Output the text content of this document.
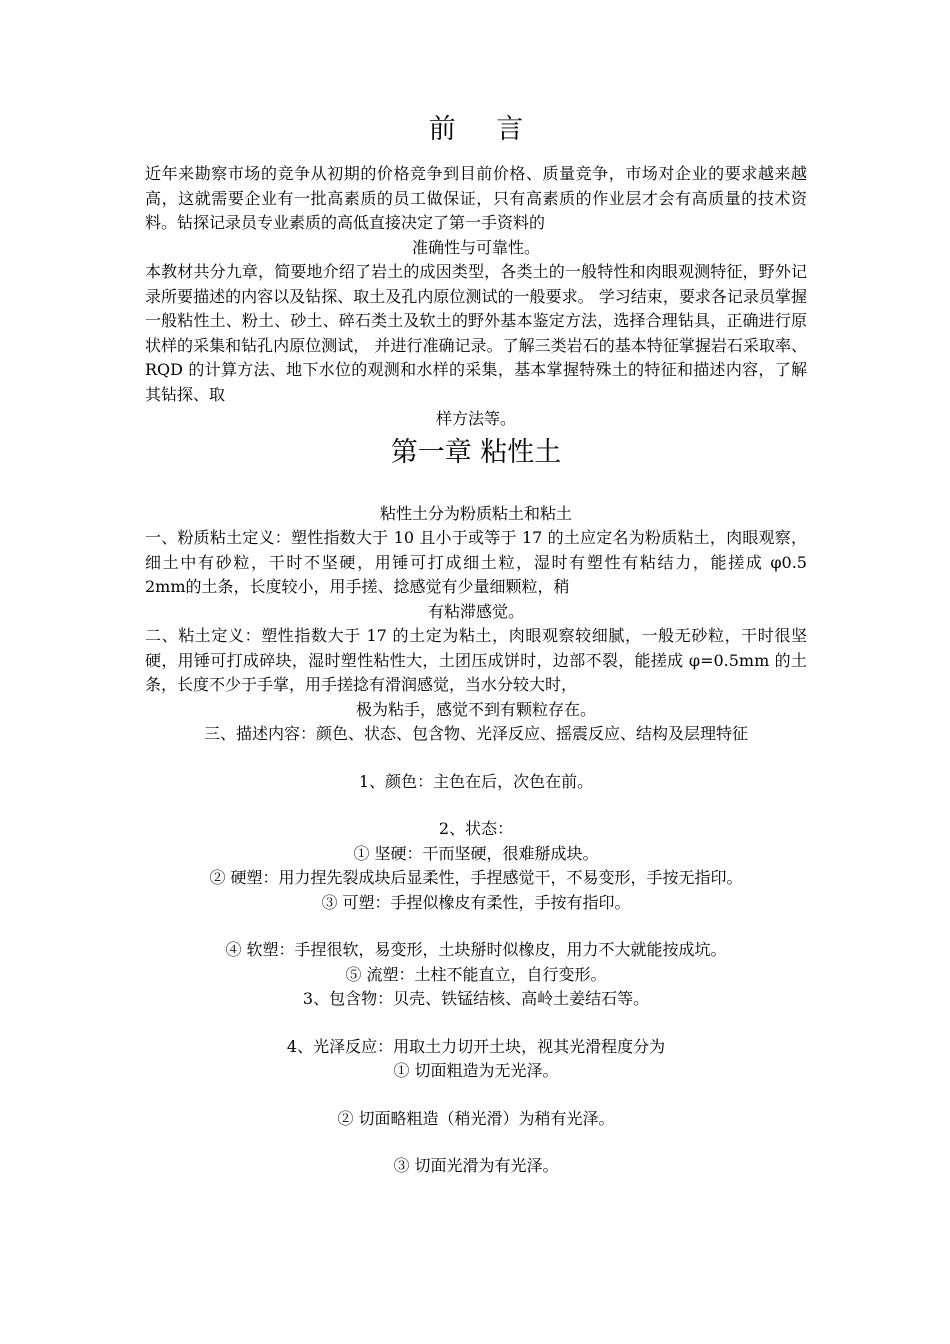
前 言

近年来勘察市场的竞争从初期的价格竞争到目前价格、质量竞争，市场对企业的要求越来越高，这就需要企业有一批高素质的员工做保证，只有高素质的作业层才会有高质量的技术资料。钻探记录员专业素质的高低直接决定了第一手资料的
准确性与可靠性。

本教材共分九章，简要地介绍了岩土的成因类型，各类土的一般特性和肉眼观测特征，野外记录所要描述的内容以及钻探、取土及孔内原位测试的一般要求。 学习结束，要求各记录员掌握一般粘性土、粉土、砂土、碎石类土及软土的野外基本鉴定方法，选择合理钻具，正确进行原状样的采集和钻孔内原位测试， 并进行准确记录。了解三类岩石的基本特征掌握岩石采取率、 RQD 的计算方法、地下水位的观测和水样的采集，基本掌握特殊土的特征和描述内容，了解其钻探、取
样方法等。

第一章 粘性土

粘性土分为粉质粘土和粘土

一、粉质粘土定义：塑性指数大于 10 且小于或等于 17 的土应定名为粉质粘土，肉眼观察，细土中有砂粒，干时不坚硬，用锤可打成细土粒，湿时有塑性有粘结力，能搓成 φ0.5　 2mm的土条，长度较小，用手搓、捻感觉有少量细颗粒，稍
有粘滞感觉。

二、粘土定义：塑性指数大于 17 的土定为粘土，肉眼观察较细腻，一般无砂粒，干时很坚硬，用锤可打成碎块，湿时塑性粘性大，土团压成饼时，边部不裂，能搓成 φ=0.5mm 的土条，长度不少于手掌，用手搓捻有滑润感觉，当水分较大时，
极为粘手，感觉不到有颗粒存在。

三、描述内容：颜色、状态、包含物、光泽反应、摇震反应、结构及层理特征

1、颜色：主色在后，次色在前。

2、状态：

① 坚硬：干而坚硬，很难掰成块。

② 硬塑：用力捏先裂成块后显柔性，手捏感觉干，不易变形，手按无指印。

③ 可塑：手捏似橡皮有柔性，手按有指印。

④ 软塑：手捏很软，易变形，土块掰时似橡皮，用力不大就能按成坑。

⑤ 流塑：土柱不能直立，自行变形。

3、包含物：贝壳、铁锰结核、高岭土姜结石等。

4、光泽反应：用取土力切开土块，视其光滑程度分为

① 切面粗造为无光泽。

② 切面略粗造（稍光滑）为稍有光泽。

③ 切面光滑为有光泽。
